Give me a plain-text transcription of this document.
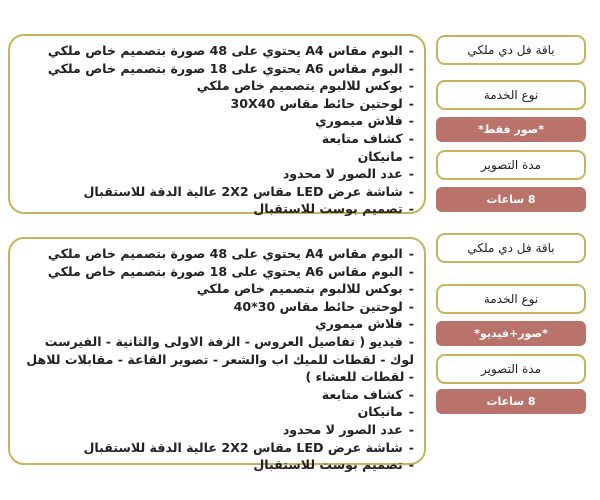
-البوم مقاس A4 يحتوي على 48 صورة بتصميم خاص ملكي
-البوم مقاس A6 يحتوي على 18 صورة بتصميم خاص ملكي
-بوكس للالبوم بتصميم خاص ملكي
-لوحتين حائط مقاس 30X40
-فلاش ميموري
-كشاف متابعة
-مانيكان
-عدد الصور لا محدود
-شاشة عرض LED مقاس 2X2 عالية الدقة للاستقبال
-تصميم بوست للاستقبال
باقة فل دي ملكي
نوع الخدمة
*صور فقط*
مدة التصوير
8 ساعات
-البوم مقاس A4 يحتوي على 48 صورة بتصميم خاص ملكي
-البوم مقاس A6 يحتوي على 18 صورة بتصميم خاص ملكي
-بوكس للالبوم بتصميم خاص ملكي
-لوحتين حائط مقاس 30*40
-فلاش ميموري
-فيديو ( تفاصيل العروس - الزفة الاولى والثانية - الفيرست لوك - لقطات للميك اب والشعر - تصوير القاعة - مقابلات للاهل - لقطات للعشاء )
-كشاف متابعة
-مانيكان
-عدد الصور لا محدود
-شاشة عرض LED مقاس 2X2 عالية الدقة للاستقبال
-تصميم بوست للاستقبال
باقة فل دي ملكي
نوع الخدمة
*صور+فيديو*
مدة التصوير
8 ساعات
